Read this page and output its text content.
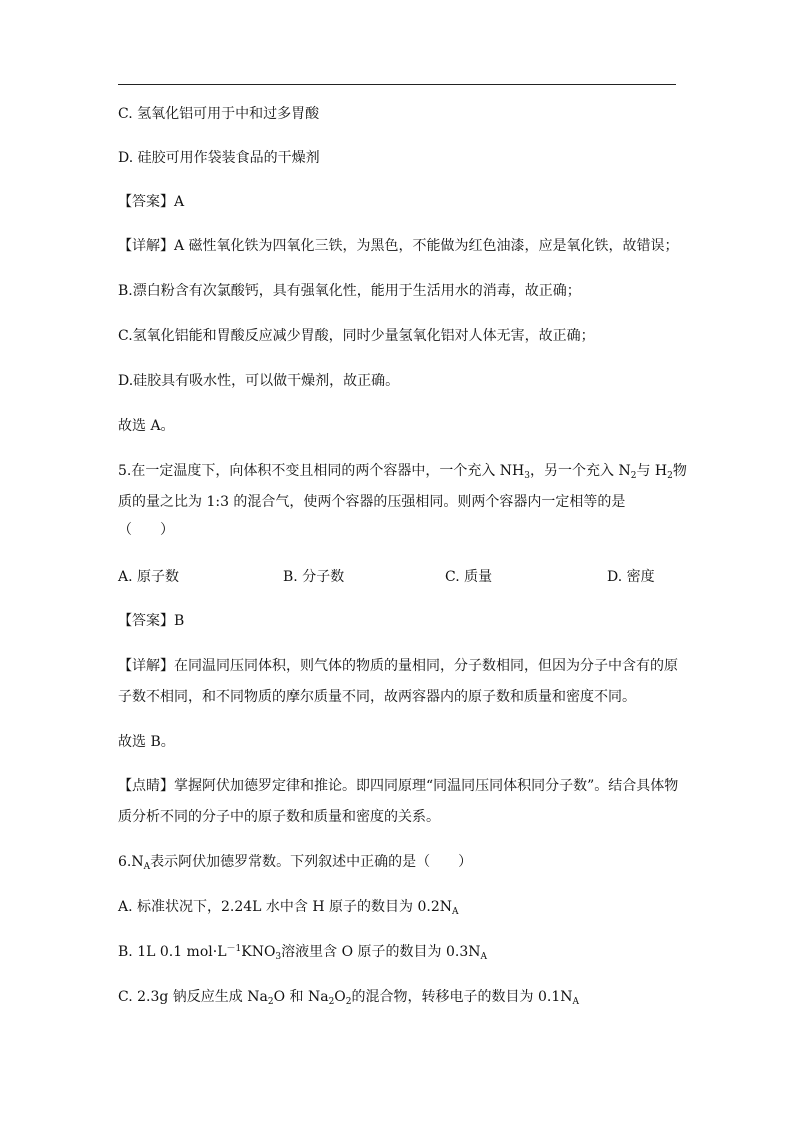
C. 氢氧化铝可用于中和过多胃酸
D. 硅胶可用作袋装食品的干燥剂
【答案】A
【详解】A 磁性氧化铁为四氧化三铁，为黑色，不能做为红色油漆，应是氧化铁，故错误；
B.漂白粉含有次氯酸钙，具有强氧化性，能用于生活用水的消毒，故正确；
C.氢氧化铝能和胃酸反应减少胃酸，同时少量氢氧化铝对人体无害，故正确；
D.硅胶具有吸水性，可以做干燥剂，故正确。
故选 A。
5.在一定温度下，向体积不变且相同的两个容器中，一个充入 $NH_3$，另一个充入 $N_2$与 $H_2$物
质的量之比为 1:3 的混合气，使两个容器的压强相同。则两个容器内一定相等的是
（　　）
A. 原子数	B. 分子数	C. 质量	D. 密度
【答案】B
【详解】在同温同压同体积，则气体的物质的量相同，分子数相同，但因为分子中含有的原
子数不相同，和不同物质的摩尔质量不同，故两容器内的原子数和质量和密度不同。
故选 B。
【点睛】掌握阿伏加德罗定律和推论。即四同原理“同温同压同体积同分子数”。结合具体物
质分析不同的分子中的原子数和质量和密度的关系。
$6.N_A$表示阿伏加德罗常数。下列叙述中正确的是（　　）
A. 标准状况下，2.24L 水中含 H 原子的数目为 $0.2N_A$
B. 1L 0.1 $mol\cdot L^{-1}KNO_3$溶液里含 O 原子的数目为 $0.3N_A$
C. 2.3g 钠反应生成 $Na_2O$ 和 $Na_2O_2$的混合物，转移电子的数目为 $0.1N_A$
